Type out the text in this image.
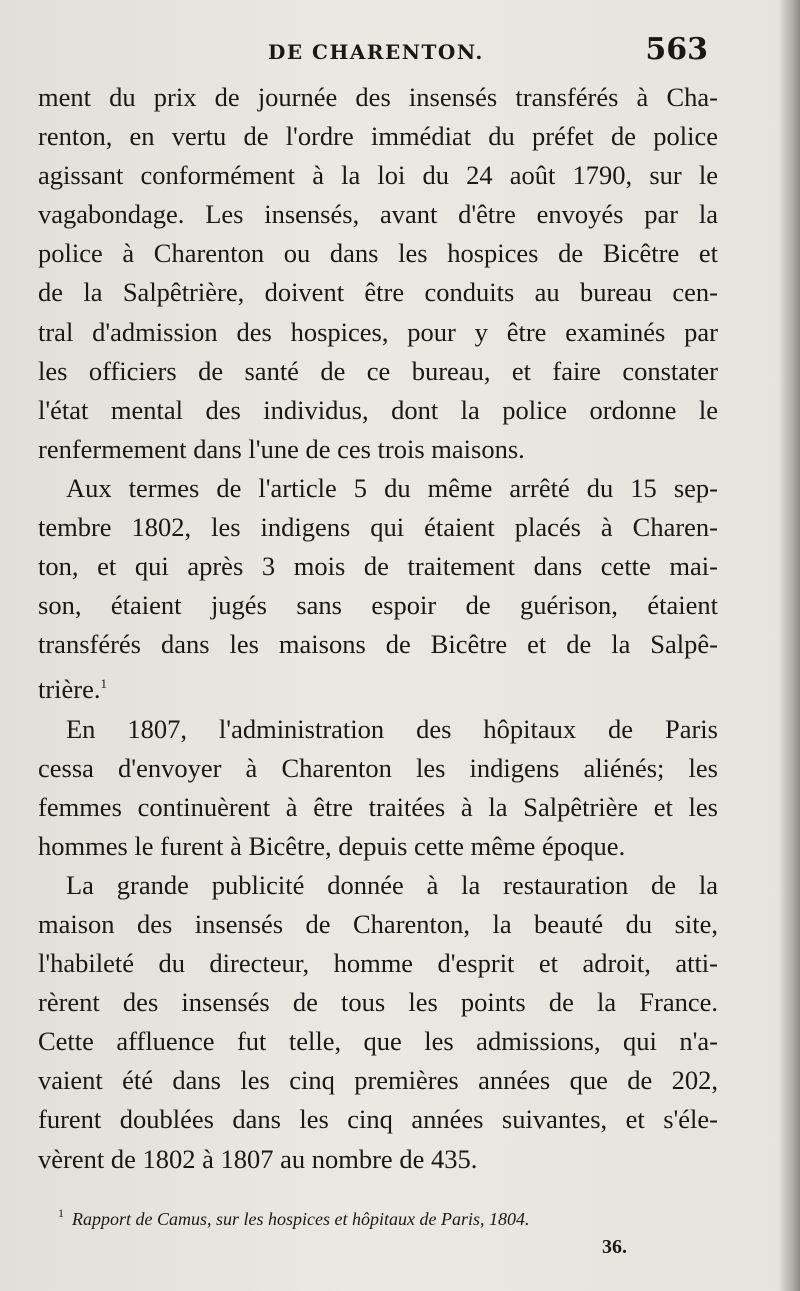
DE CHARENTON.	563

ment du prix de journée des insensés transférés à Cha-
renton, en vertu de l'ordre immédiat du préfet de police
agissant conformément à la loi du 24 août 1790, sur le
vagabondage. Les insensés, avant d'être envoyés par la
police à Charenton ou dans les hospices de Bicêtre et
de la Salpêtrière, doivent être conduits au bureau cen-
tral d'admission des hospices, pour y être examinés par
les officiers de santé de ce bureau, et faire constater
l'état mental des individus, dont la police ordonne le
renfermement dans l'une de ces trois maisons.

Aux termes de l'article 5 du même arrêté du 15 sep-
tembre 1802, les indigens qui étaient placés à Charen-
ton, et qui après 3 mois de traitement dans cette mai-
son, étaient jugés sans espoir de guérison, étaient
transférés dans les maisons de Bicêtre et de la Salpê-
trière.$^1$

En 1807, l'administration des hôpitaux de Paris
cessa d'envoyer à Charenton les indigens aliénés; les
femmes continuèrent à être traitées à la Salpêtrière et les
hommes le furent à Bicêtre, depuis cette même époque.

La grande publicité donnée à la restauration de la
maison des insensés de Charenton, la beauté du site,
l'habileté du directeur, homme d'esprit et adroit, atti-
rèrent des insensés de tous les points de la France.
Cette affluence fut telle, que les admissions, qui n'a-
vaient été dans les cinq premières années que de 202,
furent doublées dans les cinq années suivantes, et s'éle-
vèrent de 1802 à 1807 au nombre de 435.

$^1$ Rapport de Camus, sur les hospices et hôpitaux de Paris, 1804.
36.
